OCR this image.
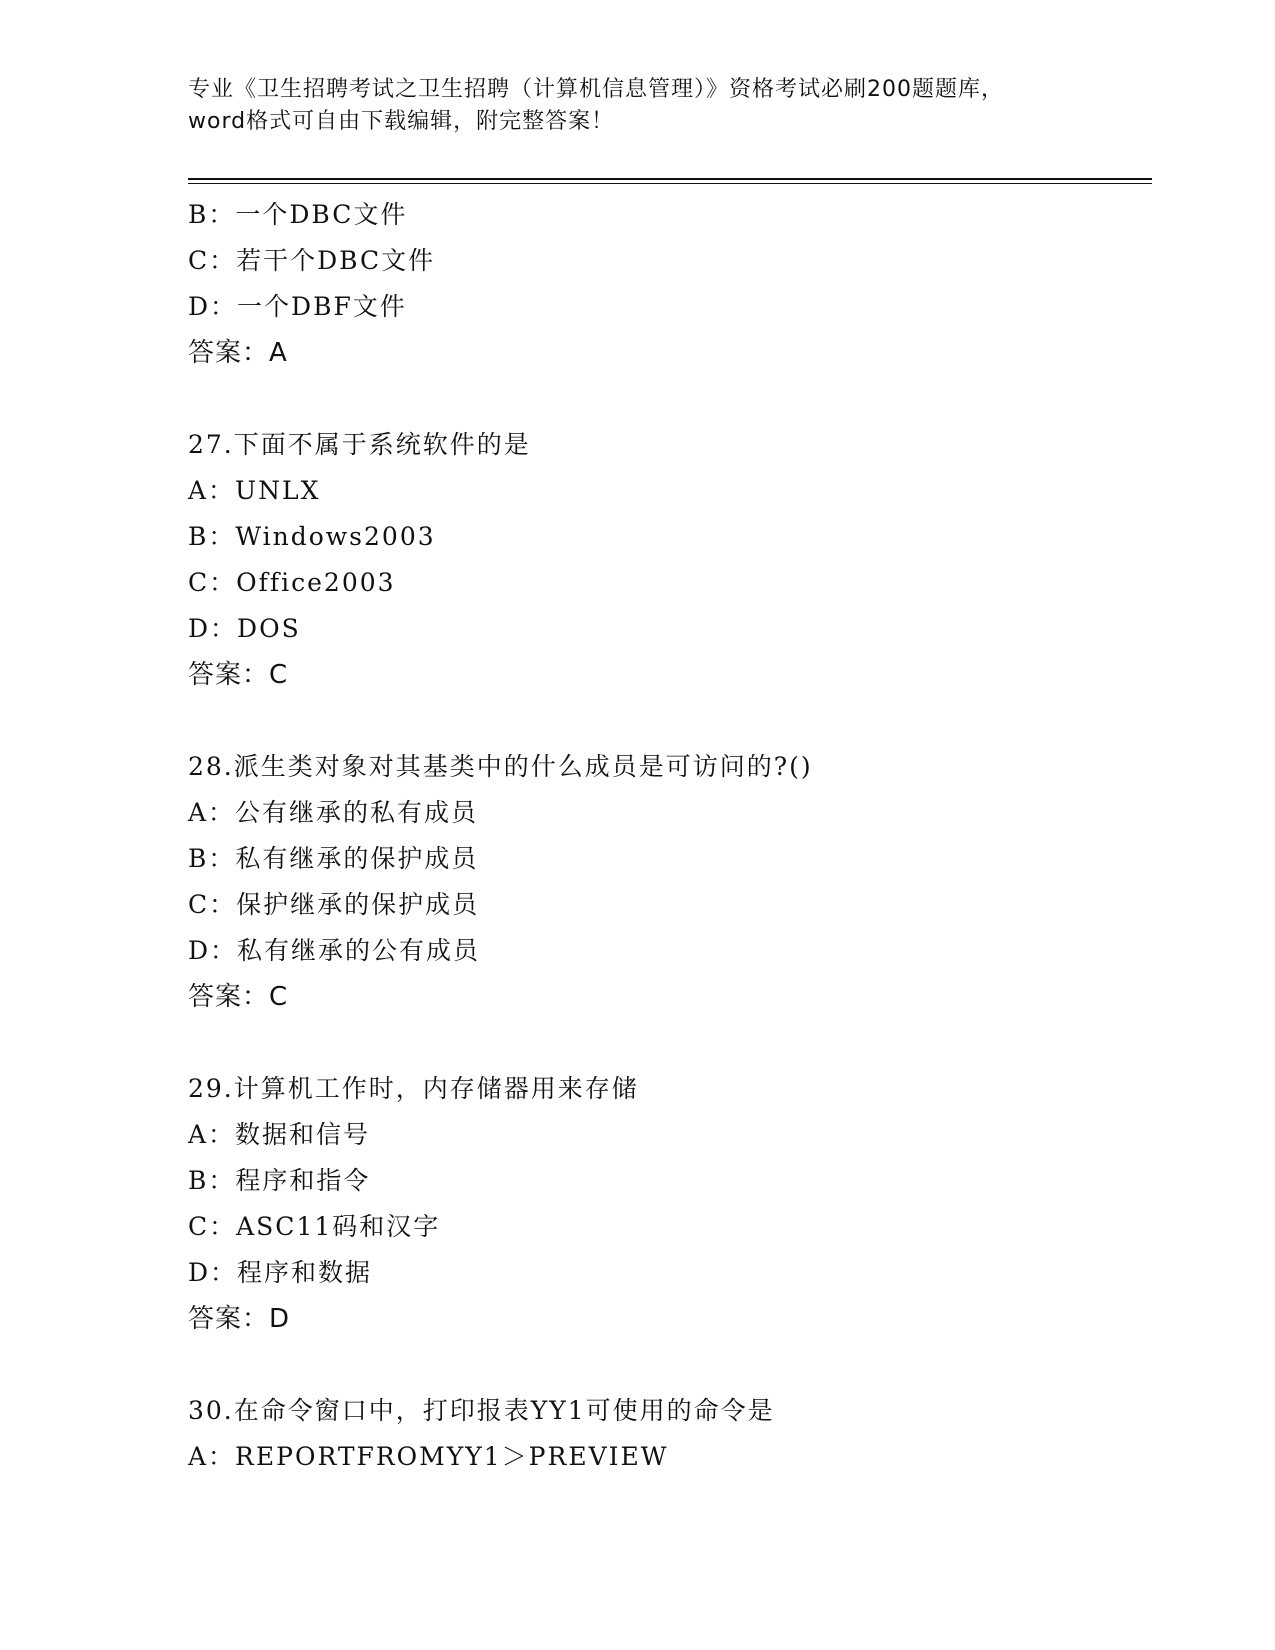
专业《卫生招聘考试之卫生招聘（计算机信息管理）》资格考试必刷200题题库，
word格式可自由下载编辑，附完整答案！
B：一个DBC文件
C：若干个DBC文件
D：一个DBF文件
答案：A
27.下面不属于系统软件的是
A：UNLX
B：Windows2003
C：Office2003
D：DOS
答案：C
28.派生类对象对其基类中的什么成员是可访问的?()
A：公有继承的私有成员
B：私有继承的保护成员
C：保护继承的保护成员
D：私有继承的公有成员
答案：C
29.计算机工作时，内存储器用来存储
A：数据和信号
B：程序和指令
C：ASC11码和汉字
D：程序和数据
答案：D
30.在命令窗口中，打印报表YY1可使用的命令是
A：REPORTFROMYY1＞PREVIEW
